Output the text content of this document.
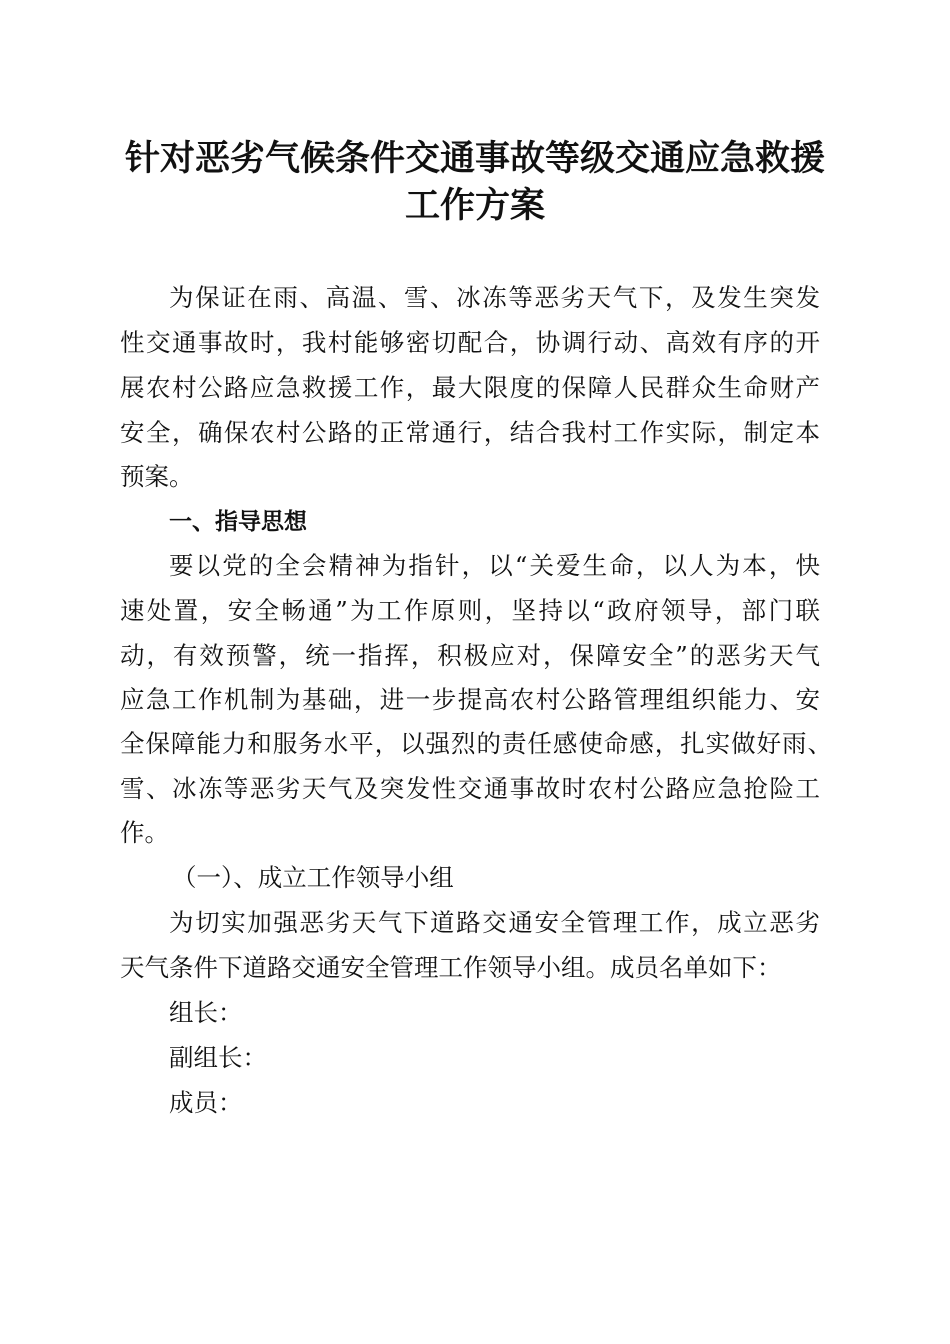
针对恶劣气候条件交通事故等级交通应急救援
工作方案
为保证在雨、高温、雪、冰冻等恶劣天气下，及发生突发
性交通事故时，我村能够密切配合，协调行动、高效有序的开
展农村公路应急救援工作，最大限度的保障人民群众生命财产
安全，确保农村公路的正常通行，结合我村工作实际，制定本
预案。
一、指导思想
要以党的全会精神为指针，以“关爱生命，以人为本，快
速处置，安全畅通”为工作原则，坚持以“政府领导，部门联
动，有效预警，统一指挥，积极应对，保障安全”的恶劣天气
应急工作机制为基础，进一步提高农村公路管理组织能力、安
全保障能力和服务水平，以强烈的责任感使命感，扎实做好雨、
雪、冰冻等恶劣天气及突发性交通事故时农村公路应急抢险工
作。
（一）、成立工作领导小组
为切实加强恶劣天气下道路交通安全管理工作，成立恶劣
天气条件下道路交通安全管理工作领导小组。成员名单如下：
组长：
副组长：
成员：
